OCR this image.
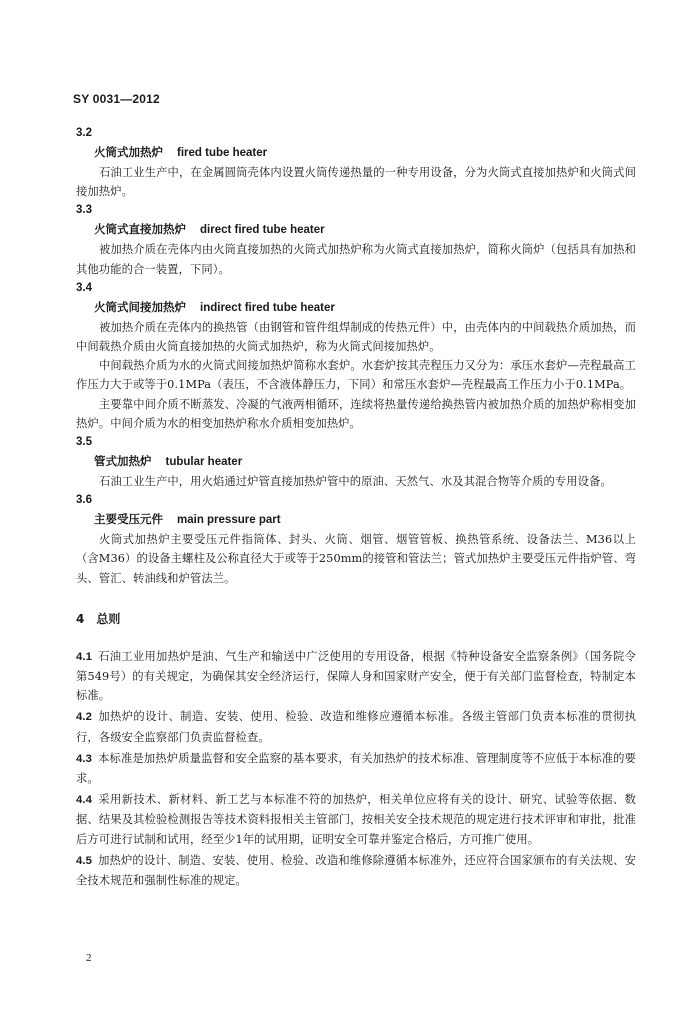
SY 0031—2012
3.2
火筒式加热炉 fired tube heater
石油工业生产中，在金属圆筒壳体内设置火筒传递热量的一种专用设备，分为火筒式直接加热炉和火筒式间接加热炉。
3.3
火筒式直接加热炉 direct fired tube heater
被加热介质在壳体内由火筒直接加热的火筒式加热炉称为火筒式直接加热炉，简称火筒炉（包括具有加热和其他功能的合一装置，下同）。
3.4
火筒式间接加热炉 indirect fired tube heater
被加热介质在壳体内的换热管（由钢管和管件组焊制成的传热元件）中，由壳体内的中间载热介质加热，而中间载热介质由火筒直接加热的火筒式加热炉，称为火筒式间接加热炉。
中间载热介质为水的火筒式间接加热炉简称水套炉。水套炉按其壳程压力又分为：承压水套炉—壳程最高工作压力大于或等于0.1MPa（表压，不含液体静压力，下同）和常压水套炉—壳程最高工作压力小于0.1MPa。
主要靠中间介质不断蒸发、冷凝的气液两相循环，连续将热量传递给换热管内被加热介质的加热炉称相变加热炉。中间介质为水的相变加热炉称水介质相变加热炉。
3.5
管式加热炉 tubular heater
石油工业生产中，用火焰通过炉管直接加热炉管中的原油、天然气、水及其混合物等介质的专用设备。
3.6
主要受压元件 main pressure part
火筒式加热炉主要受压元件指筒体、封头、火筒、烟管、烟管管板、换热管系统、设备法兰、M36以上（含M36）的设备主螺柱及公称直径大于或等于250mm的接管和管法兰；管式加热炉主要受压元件指炉管、弯头、管汇、转油线和炉管法兰。
4　总则
4.1 石油工业用加热炉是油、气生产和输送中广泛使用的专用设备，根据《特种设备安全监察条例》（国务院令第549号）的有关规定，为确保其安全经济运行，保障人身和国家财产安全，便于有关部门监督检查，特制定本标准。
4.2 加热炉的设计、制造、安装、使用、检验、改造和维修应遵循本标准。各级主管部门负责本标准的贯彻执行，各级安全监察部门负责监督检查。
4.3 本标准是加热炉质量监督和安全监察的基本要求，有关加热炉的技术标准、管理制度等不应低于本标准的要求。
4.4 采用新技术、新材料、新工艺与本标准不符的加热炉，相关单位应将有关的设计、研究、试验等依据、数据、结果及其检验检测报告等技术资料报相关主管部门，按相关安全技术规范的规定进行技术评审和审批，批准后方可进行试制和试用，经至少1年的试用期，证明安全可靠并鉴定合格后，方可推广使用。
4.5 加热炉的设计、制造、安装、使用、检验、改造和维修除遵循本标准外，还应符合国家颁布的有关法规、安全技术规范和强制性标准的规定。
2
